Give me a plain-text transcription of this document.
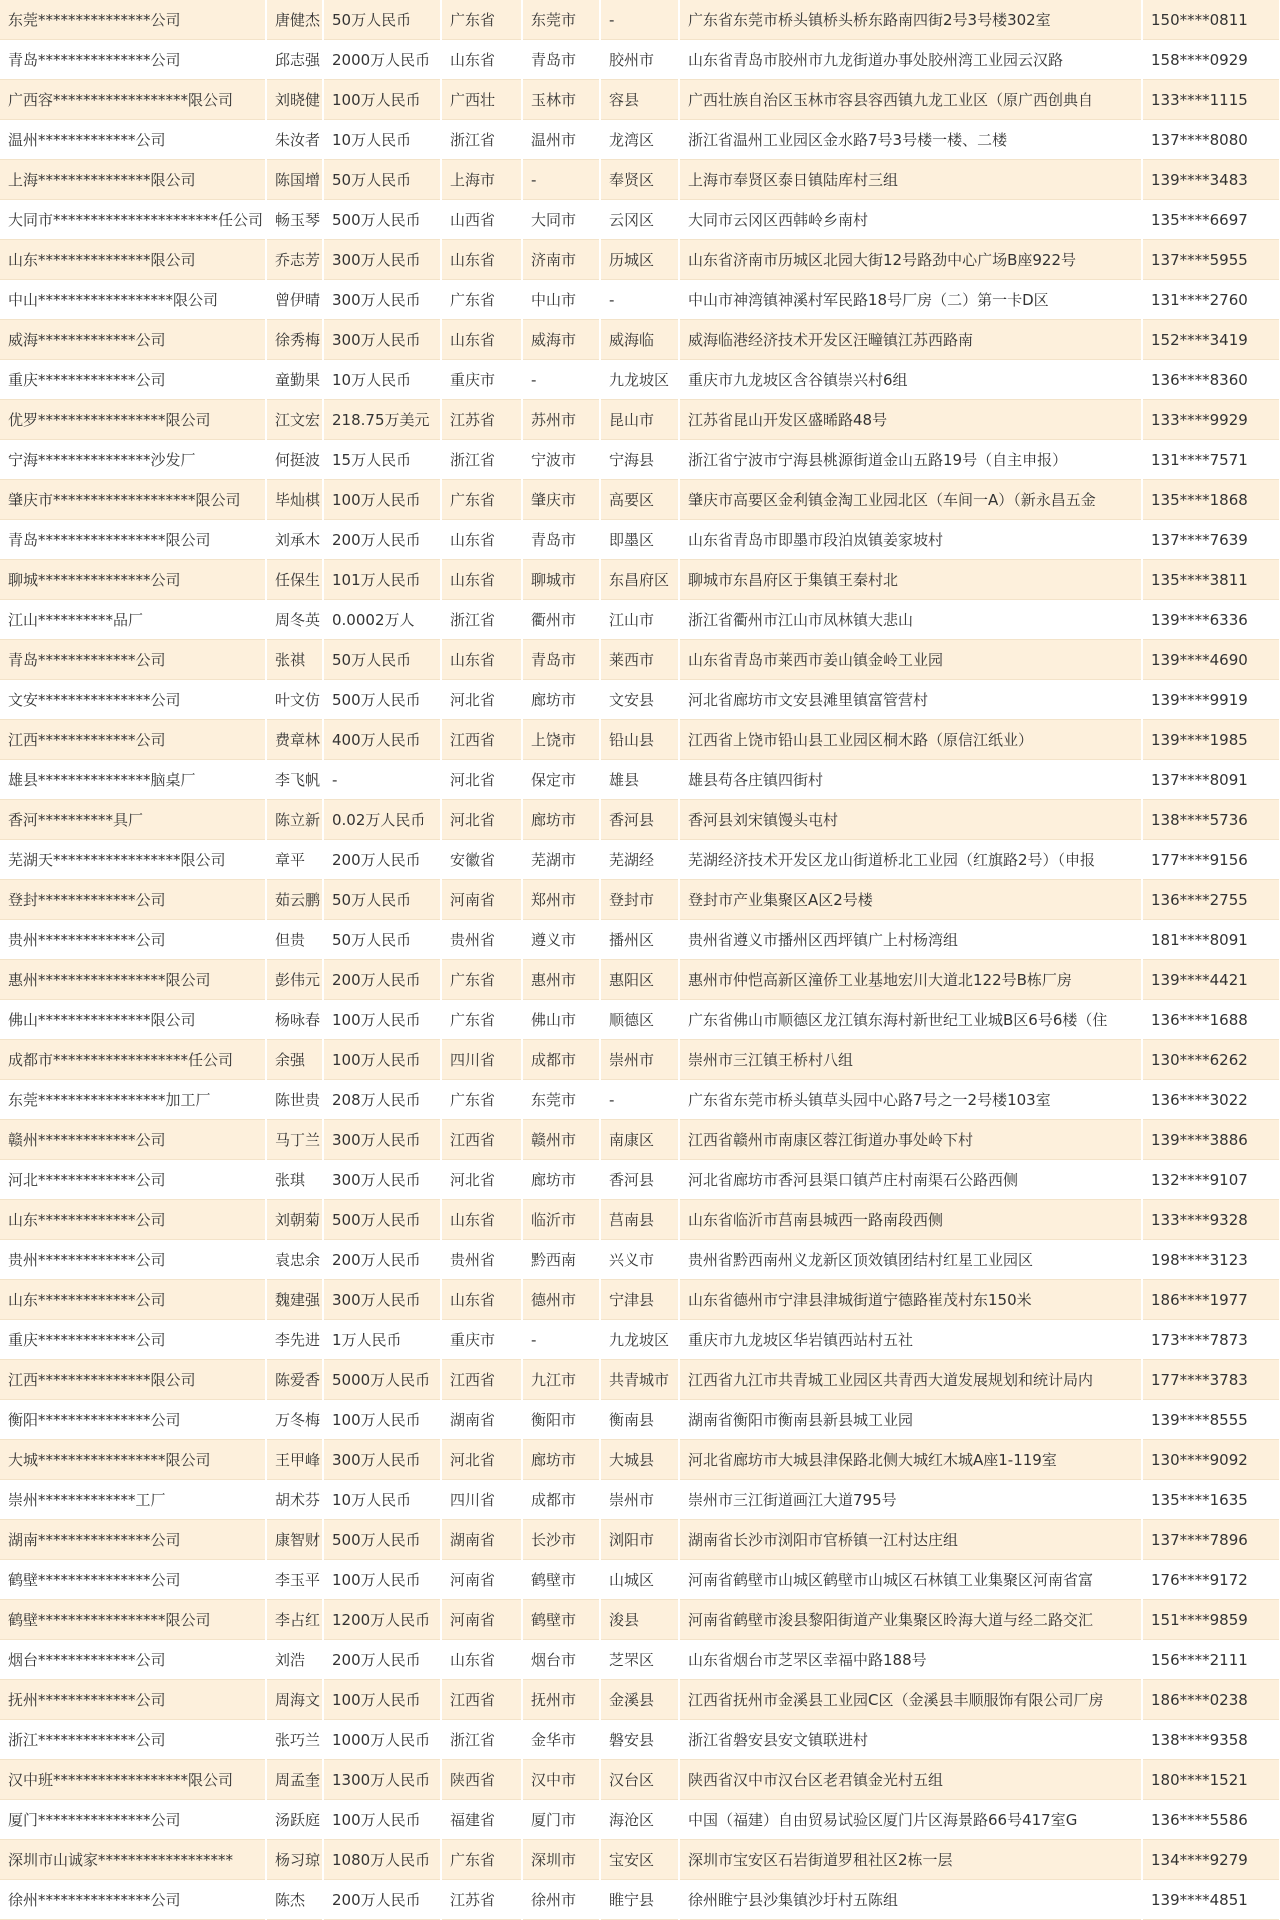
东莞***************公司	唐健杰	50万人民币	广东省	东莞市	-	广东省东莞市桥头镇桥头桥东路南四街2号3号楼302室	150****0811
青岛***************公司	邱志强	2000万人民币	山东省	青岛市	胶州市	山东省青岛市胶州市九龙街道办事处胶州湾工业园云汉路	158****0929
广西容******************限公司	刘晓健	100万人民币	广西壮	玉林市	容县	广西壮族自治区玉林市容县容西镇九龙工业区（原广西创典自	133****1115
温州*************公司	朱汝者	10万人民币	浙江省	温州市	龙湾区	浙江省温州工业园区金水路7号3号楼一楼、二楼	137****8080
上海***************限公司	陈国增	50万人民币	上海市	-	奉贤区	上海市奉贤区泰日镇陆库村三组	139****3483
大同市**********************任公司	畅玉琴	500万人民币	山西省	大同市	云冈区	大同市云冈区西韩岭乡南村	135****6697
山东***************限公司	乔志芳	300万人民币	山东省	济南市	历城区	山东省济南市历城区北园大街12号路劲中心广场B座922号	137****5955
中山******************限公司	曾伊晴	300万人民币	广东省	中山市	-	中山市神湾镇神溪村军民路18号厂房（二）第一卡D区	131****2760
威海*************公司	徐秀梅	300万人民币	山东省	威海市	威海临	威海临港经济技术开发区汪疃镇江苏西路南	152****3419
重庆*************公司	童勤果	10万人民币	重庆市	-	九龙坡区	重庆市九龙坡区含谷镇崇兴村6组	136****8360
优罗*****************限公司	江文宏	218.75万美元	江苏省	苏州市	昆山市	江苏省昆山开发区盛晞路48号	133****9929
宁海***************沙发厂	何挺波	15万人民币	浙江省	宁波市	宁海县	浙江省宁波市宁海县桃源街道金山五路19号（自主申报）	131****7571
肇庆市*******************限公司	毕灿棋	100万人民币	广东省	肇庆市	高要区	肇庆市高要区金利镇金淘工业园北区（车间一A）（新永昌五金	135****1868
青岛*****************限公司	刘承木	200万人民币	山东省	青岛市	即墨区	山东省青岛市即墨市段泊岚镇姜家坡村	137****7639
聊城***************公司	任保生	101万人民币	山东省	聊城市	东昌府区	聊城市东昌府区于集镇王秦村北	135****3811
江山**********品厂	周冬英	0.0002万人	浙江省	衢州市	江山市	浙江省衢州市江山市凤林镇大悲山	139****6336
青岛*************公司	张祺	50万人民币	山东省	青岛市	莱西市	山东省青岛市莱西市姜山镇金岭工业园	139****4690
文安***************公司	叶文仿	500万人民币	河北省	廊坊市	文安县	河北省廊坊市文安县滩里镇富管营村	139****9919
江西*************公司	费章林	400万人民币	江西省	上饶市	铅山县	江西省上饶市铅山县工业园区桐木路（原信江纸业）	139****1985
雄县***************脑桌厂	李飞帆	-	河北省	保定市	雄县	雄县苟各庄镇四街村	137****8091
香河**********具厂	陈立新	0.02万人民币	河北省	廊坊市	香河县	香河县刘宋镇馒头屯村	138****5736
芜湖天*****************限公司	章平	200万人民币	安徽省	芜湖市	芜湖经	芜湖经济技术开发区龙山街道桥北工业园（红旗路2号）（申报	177****9156
登封*************公司	茹云鹏	50万人民币	河南省	郑州市	登封市	登封市产业集聚区A区2号楼	136****2755
贵州*************公司	但贵	50万人民币	贵州省	遵义市	播州区	贵州省遵义市播州区西坪镇广上村杨湾组	181****8091
惠州*****************限公司	彭伟元	200万人民币	广东省	惠州市	惠阳区	惠州市仲恺高新区潼侨工业基地宏川大道北122号B栋厂房	139****4421
佛山***************限公司	杨咏春	100万人民币	广东省	佛山市	顺德区	广东省佛山市顺德区龙江镇东海村新世纪工业城B区6号6楼（住	136****1688
成都市******************任公司	余强	100万人民币	四川省	成都市	崇州市	崇州市三江镇王桥村八组	130****6262
东莞*****************加工厂	陈世贵	208万人民币	广东省	东莞市	-	广东省东莞市桥头镇草头园中心路7号之一2号楼103室	136****3022
赣州*************公司	马丁兰	300万人民币	江西省	赣州市	南康区	江西省赣州市南康区蓉江街道办事处岭下村	139****3886
河北*************公司	张琪	300万人民币	河北省	廊坊市	香河县	河北省廊坊市香河县渠口镇芦庄村南渠石公路西侧	132****9107
山东*************公司	刘朝菊	500万人民币	山东省	临沂市	莒南县	山东省临沂市莒南县城西一路南段西侧	133****9328
贵州*************公司	袁忠余	200万人民币	贵州省	黔西南	兴义市	贵州省黔西南州义龙新区顶效镇团结村红星工业园区	198****3123
山东*************公司	魏建强	300万人民币	山东省	德州市	宁津县	山东省德州市宁津县津城街道宁德路崔茂村东150米	186****1977
重庆*************公司	李先进	1万人民币	重庆市	-	九龙坡区	重庆市九龙坡区华岩镇西站村五社	173****7873
江西***************限公司	陈爱香	5000万人民币	江西省	九江市	共青城市	江西省九江市共青城工业园区共青西大道发展规划和统计局内	177****3783
衡阳***************公司	万冬梅	100万人民币	湖南省	衡阳市	衡南县	湖南省衡阳市衡南县新县城工业园	139****8555
大城*****************限公司	王甲峰	300万人民币	河北省	廊坊市	大城县	河北省廊坊市大城县津保路北侧大城红木城A座1-119室	130****9092
崇州*************工厂	胡术芬	10万人民币	四川省	成都市	崇州市	崇州市三江街道画江大道795号	135****1635
湖南***************公司	康智财	500万人民币	湖南省	长沙市	浏阳市	湖南省长沙市浏阳市官桥镇一江村达庄组	137****7896
鹤壁***************公司	李玉平	100万人民币	河南省	鹤壁市	山城区	河南省鹤壁市山城区鹤壁市山城区石林镇工业集聚区河南省富	176****9172
鹤壁*****************限公司	李占红	1200万人民币	河南省	鹤壁市	浚县	河南省鹤壁市浚县黎阳街道产业集聚区昤海大道与经二路交汇	151****9859
烟台*************公司	刘浩	200万人民币	山东省	烟台市	芝罘区	山东省烟台市芝罘区幸福中路188号	156****2111
抚州*************公司	周海文	100万人民币	江西省	抚州市	金溪县	江西省抚州市金溪县工业园C区（金溪县丰顺服饰有限公司厂房	186****0238
浙江*************公司	张巧兰	1000万人民币	浙江省	金华市	磐安县	浙江省磐安县安文镇联进村	138****9358
汉中班******************限公司	周孟奎	1300万人民币	陕西省	汉中市	汉台区	陕西省汉中市汉台区老君镇金光村五组	180****1521
厦门***************公司	汤跃庭	100万人民币	福建省	厦门市	海沧区	中国（福建）自由贸易试验区厦门片区海景路66号417室G	136****5586
深圳市山诚家******************	杨习琼	1080万人民币	广东省	深圳市	宝安区	深圳市宝安区石岩街道罗租社区2栋一层	134****9279
徐州***************公司	陈杰	200万人民币	江苏省	徐州市	睢宁县	徐州睢宁县沙集镇沙圩村五陈组	139****4851
